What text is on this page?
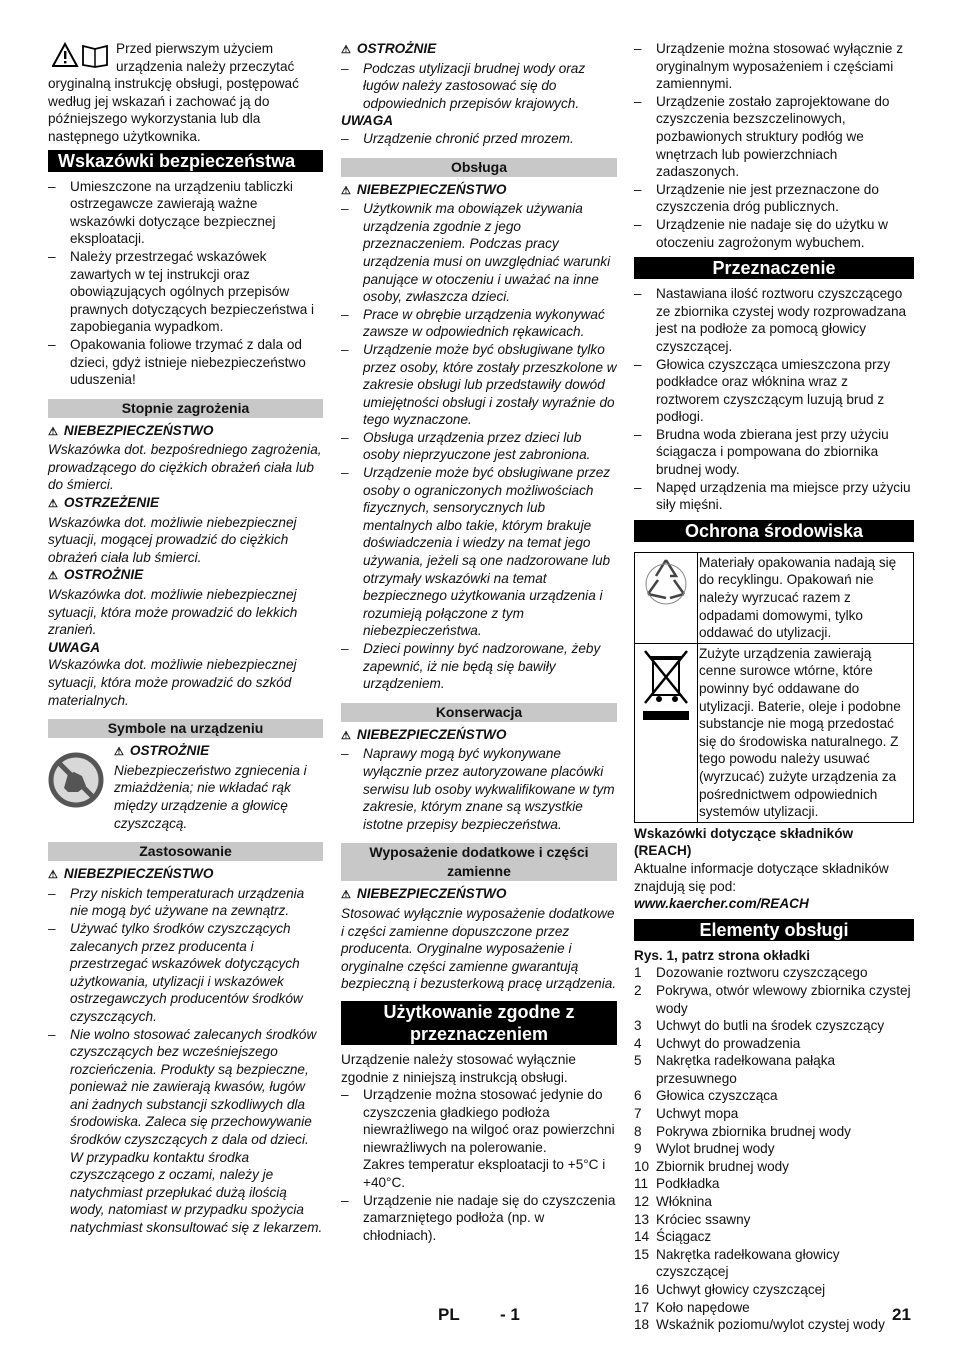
Przed pierwszym użyciem urządzenia należy przeczytać oryginalną instrukcję obsługi, postępować według jej wskazań i zachować ją do późniejszego wykorzystania lub dla następnego użytkownika.

Wskazówki bezpieczeństwa
– Umieszczone na urządzeniu tabliczki ostrzegawcze zawierają ważne wskazówki dotyczące bezpiecznej eksploatacji.
– Należy przestrzegać wskazówek zawartych w tej instrukcji oraz obowiązujących ogólnych przepisów prawnych dotyczących bezpieczeństwa i zapobiegania wypadkom.
– Opakowania foliowe trzymać z dala od dzieci, gdyż istnieje niebezpieczeństwo uduszenia!
Stopnie zagrożenia

⚠ NIEBEZPIECZEŃSTWO

Wskazówka dot. bezpośredniego zagrożenia, prowadzącego do ciężkich obrażeń ciała lub do śmierci.

⚠ OSTRZEŻENIE

Wskazówka dot. możliwie niebezpiecznej sytuacji, mogącej prowadzić do ciężkich obrażeń ciała lub śmierci.

⚠ OSTROŻNIE

Wskazówka dot. możliwie niebezpiecznej sytuacji, która może prowadzić do lekkich zranień.

UWAGA

Wskazówka dot. możliwie niebezpiecznej sytuacji, która może prowadzić do szkód materialnych.

Symbole na urządzeniu

⚠ OSTROŻNIE

Niebezpieczeństwo zgniecenia i zmiażdżenia; nie wkładać rąk między urządzenie a głowicę czyszczącą.

Zastosowanie

⚠ NIEBEZPIECZEŃSTWO

– Przy niskich temperaturach urządzenia nie mogą być używane na zewnątrz.
– Używać tylko środków czyszczących zalecanych przez producenta i przestrzegać wskazówek dotyczących użytkowania, utylizacji i wskazówek ostrzegawczych producentów środków czyszczących.
– Nie wolno stosować zalecanych środków czyszczących bez wcześniejszego rozcieńczenia. Produkty są bezpieczne, ponieważ nie zawierają kwasów, ługów ani żadnych substancji szkodliwych dla środowiska. Zaleca się przechowywanie środków czyszczących z dala od dzieci. W przypadku kontaktu środka czyszczącego z oczami, należy je natychmiast przepłukać dużą ilością wody, natomiast w przypadku spożycia natychmiast skonsultować się z lekarzem.

⚠ OSTROŻNIE

– Podczas utylizacji brudnej wody oraz ługów należy zastosować się do odpowiednich przepisów krajowych.

UWAGA

– Urządzenie chronić przed mrozem.
Obsługa

⚠ NIEBEZPIECZEŃSTWO

– Użytkownik ma obowiązek używania urządzenia zgodnie z jego przeznaczeniem. Podczas pracy urządzenia musi on uwzględniać warunki panujące w otoczeniu i uważać na inne osoby, zwłaszcza dzieci.
– Prace w obrębie urządzenia wykonywać zawsze w odpowiednich rękawicach.
– Urządzenie może być obsługiwane tylko przez osoby, które zostały przeszkolone w zakresie obsługi lub przedstawiły dowód umiejętności obsługi i zostały wyraźnie do tego wyznaczone.
– Obsługa urządzenia przez dzieci lub osoby nieprzyuczone jest zabroniona.
– Urządzenie może być obsługiwane przez osoby o ograniczonych możliwościach fizycznych, sensorycznych lub mentalnych albo takie, którym brakuje doświadczenia i wiedzy na temat jego używania, jeżeli są one nadzorowane lub otrzymały wskazówki na temat bezpiecznego użytkowania urządzenia i rozumieją połączone z tym niebezpieczeństwa.
– Dzieci powinny być nadzorowane, żeby zapewnić, iż nie będą się bawiły urządzeniem.
Konserwacja

⚠ NIEBEZPIECZEŃSTWO

– Naprawy mogą być wykonywane wyłącznie przez autoryzowane placówki serwisu lub osoby wykwalifikowane w tym zakresie, którym znane są wszystkie istotne przepisy bezpieczeństwa.
Wyposażenie dodatkowe i części zamienne

⚠ NIEBEZPIECZEŃSTWO

Stosować wyłącznie wyposażenie dodatkowe i części zamienne dopuszczone przez producenta. Oryginalne wyposażenie i oryginalne części zamienne gwarantują bezpieczną i bezusterkową pracę urządzenia.

Użytkowanie zgodne z przeznaczeniem

Urządzenie należy stosować wyłącznie zgodnie z niniejszą instrukcją obsługi.

– Urządzenie można stosować jedynie do czyszczenia gładkiego podłoża niewrażliwego na wilgoć oraz powierzchni niewrażliwych na polerowanie.
Zakres temperatur eksploatacji to +5°C i +40°C.
– Urządzenie nie nadaje się do czyszczenia zamarzniętego podłoża (np. w chłodniach).
– Urządzenie można stosować wyłącznie z oryginalnym wyposażeniem i częściami zamiennymi.
– Urządzenie zostało zaprojektowane do czyszczenia bezszczelinowych, pozbawionych struktury podłóg we wnętrzach lub powierzchniach zadaszonych.
– Urządzenie nie jest przeznaczone do czyszczenia dróg publicznych.
– Urządzenie nie nadaje się do użytku w otoczeniu zagrożonym wybuchem.
Przeznaczenie
– Nastawiana ilość roztworu czyszczącego ze zbiornika czystej wody rozprowadzana jest na podłoże za pomocą głowicy czyszczącej.
– Głowica czyszcząca umieszczona przy podkładce oraz włóknina wraz z roztworem czyszczącym luzują brud z podłogi.
– Brudna woda zbierana jest przy użyciu ściągacza i pompowana do zbiornika brudnej wody.
– Napęd urządzenia ma miejsce przy użyciu siły mięśni.
Ochrona środowiska
	Materiały opakowania nadają się do recyklingu. Opakowań nie należy wyrzucać razem z odpadami domowymi, tylko oddawać do utylizacji.
	Zużyte urządzenia zawierają cenne surowce wtórne, które powinny być oddawane do utylizacji. Baterie, oleje i podobne substancje nie mogą przedostać się do środowiska naturalnego. Z tego powodu należy usuwać (wyrzucać) zużyte urządzenia za pośrednictwem odpowiednich systemów utylizacji.

Wskazówki dotyczące składników (REACH)

Aktualne informacje dotyczące składników znajdują się pod:

www.kaercher.com/REACH

Elementy obsługi

Rys. 1, patrz strona okładki

1 Dozowanie roztworu czyszczącego
2 Pokrywa, otwór wlewowy zbiornika czystej wody
3 Uchwyt do butli na środek czyszczący
4 Uchwyt do prowadzenia
5 Nakrętka radełkowana pałąka przesuwnego
6 Głowica czyszcząca
7 Uchwyt mopa
8 Pokrywa zbiornika brudnej wody
9 Wylot brudnej wody
10 Zbiornik brudnej wody
11 Podkładka
12 Włóknina
13 Króciec ssawny
14 Ściągacz
15 Nakrętka radełkowana głowicy czyszczącej
16 Uchwyt głowicy czyszczącej
17 Koło napędowe
18 Wskaźnik poziomu/wylot czystej wody
PL - 1	21
